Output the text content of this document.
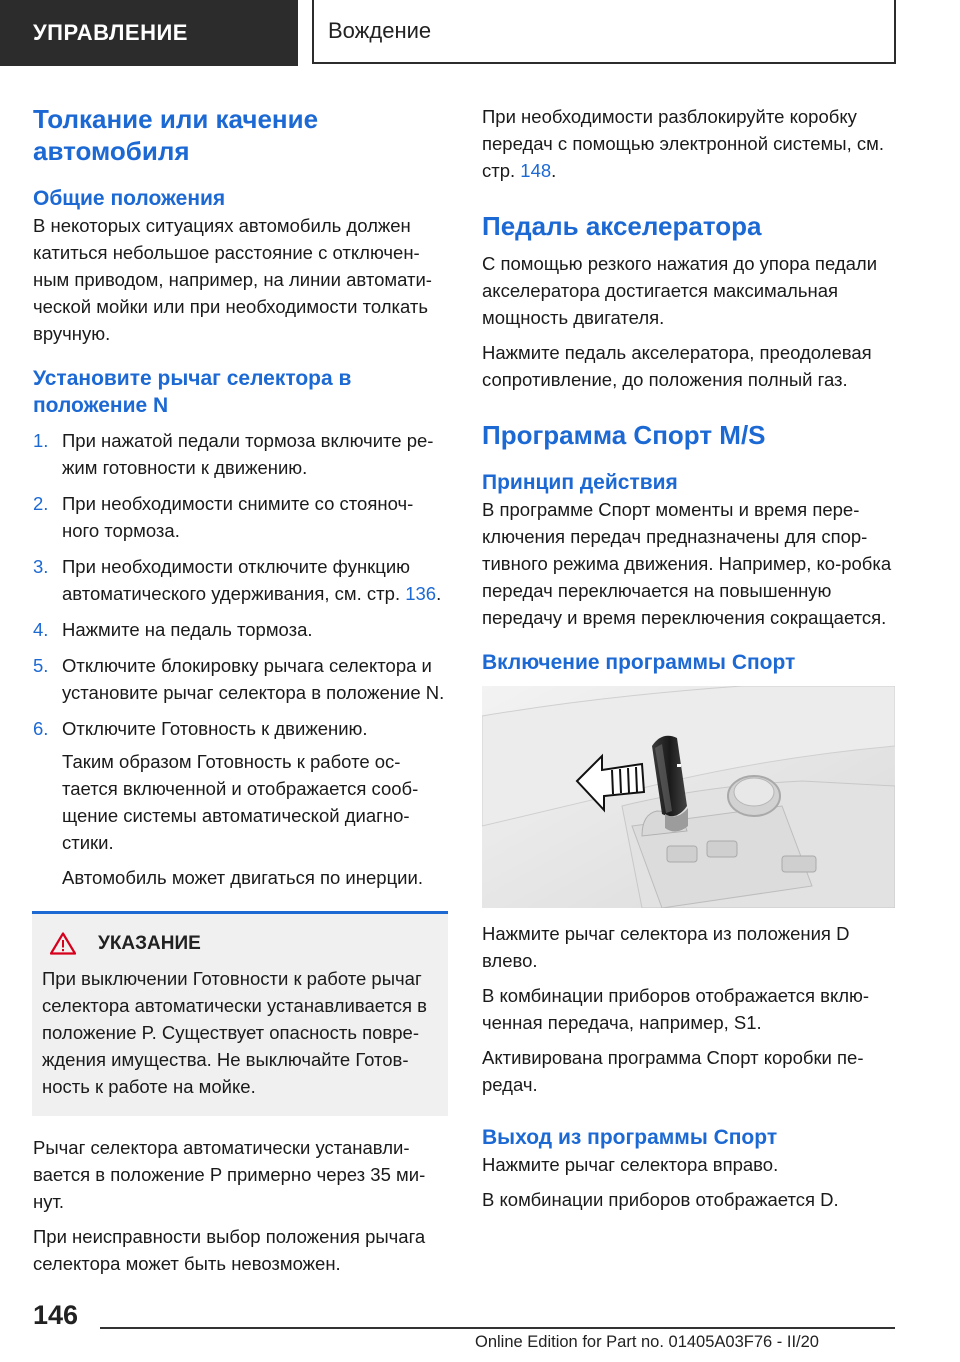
УПРАВЛЕНИЕ	Вождение
Толкание или качение автомобиля
Общие положения

В некоторых ситуациях автомобиль должен катиться небольшое расстояние с отключен-ным приводом, например, на линии автомати-ческой мойки или при необходимости толкать вручную.

Установите рычаг селектора в положение N
1. При нажатой педали тормоза включите ре-жим готовности к движению.
2. При необходимости снимите со стояноч-ного тормоза.
3. При необходимости отключите функцию автоматического удерживания, см. стр. 136.
4. Нажмите на педаль тормоза.
5. Отключите блокировку рычага селектора и установите рычаг селектора в положение N.
6. Отключите Готовность к движению.

Таким образом Готовность к работе ос-тается включенной и отображается сооб-щение системы автоматической диагно-стики.

Автомобиль может двигаться по инерции.

УКАЗАНИЕ

При выключении Готовности к работе рычаг селектора автоматически устанавливается в положение P. Существует опасность повре-ждения имущества. Не выключайте Готов-ность к работе на мойке.

Рычаг селектора автоматически устанавли-вается в положение P примерно через 35 ми-нут.

При неисправности выбор положения рычага селектора может быть невозможен.

При необходимости разблокируйте коробку передач с помощью электронной системы, см. стр. 148.

Педаль акселератора

С помощью резкого нажатия до упора педали акселератора достигается максимальная мощность двигателя.

Нажмите педаль акселератора, преодолевая сопротивление, до положения полный газ.

Программа Спорт M/S
Принцип действия

В программе Спорт моменты и время пере-ключения передач предназначены для спор-тивного режима движения. Например, ко-робка передач переключается на повышенную передачу и время переключения сокращается.

Включение программы Спорт

Нажмите рычаг селектора из положения D влево.

В комбинации приборов отображается вклю-ченная передача, например, S1.

Активирована программа Спорт коробки пе-редач.

Выход из программы Спорт

Нажмите рычаг селектора вправо.

В комбинации приборов отображается D.

146
Online Edition for Part no. 01405A03F76 - II/20
